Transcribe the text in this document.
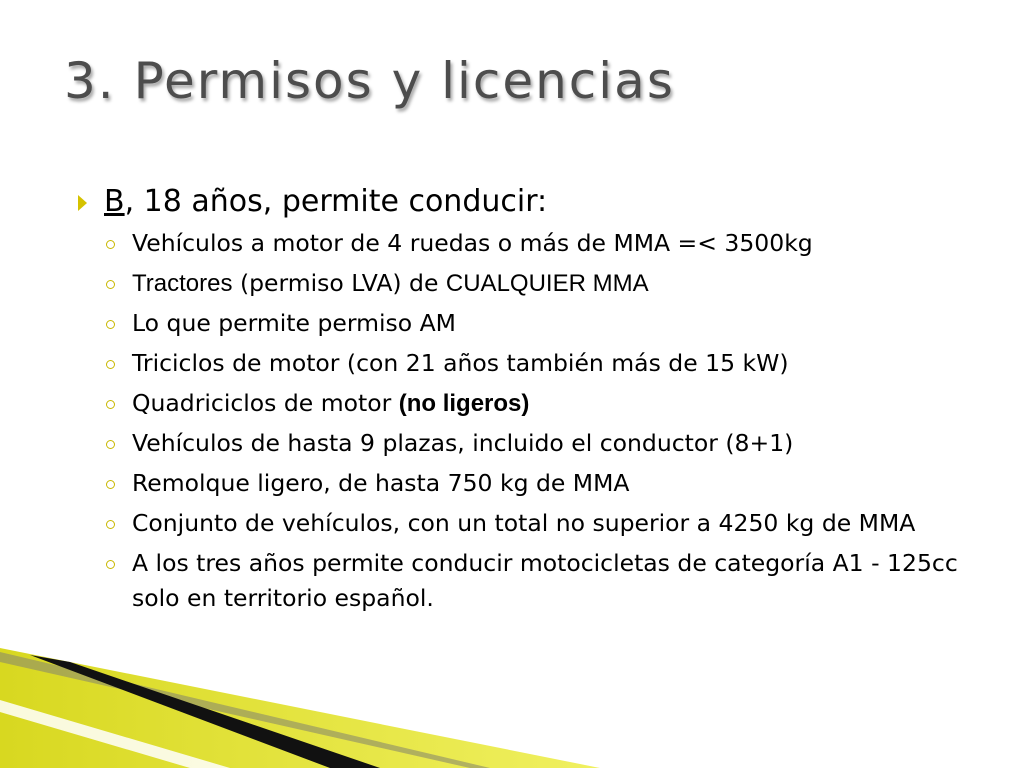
3. Permisos y licencias
B, 18 años, permite conducir:
Vehículos a motor de 4 ruedas o más de MMA =< 3500kg
Tractores (permiso LVA) de CUALQUIER MMA
Lo que permite permiso AM
Triciclos de motor (con 21 años también más de 15 kW)
Quadriciclos de motor (no ligeros)
Vehículos de hasta 9 plazas, incluido el conductor (8+1)
Remolque ligero, de hasta 750 kg de MMA
Conjunto de vehículos, con un total no superior a 4250 kg de MMA
A los tres años permite conducir motocicletas de categoría A1 - 125cc solo en territorio español.
